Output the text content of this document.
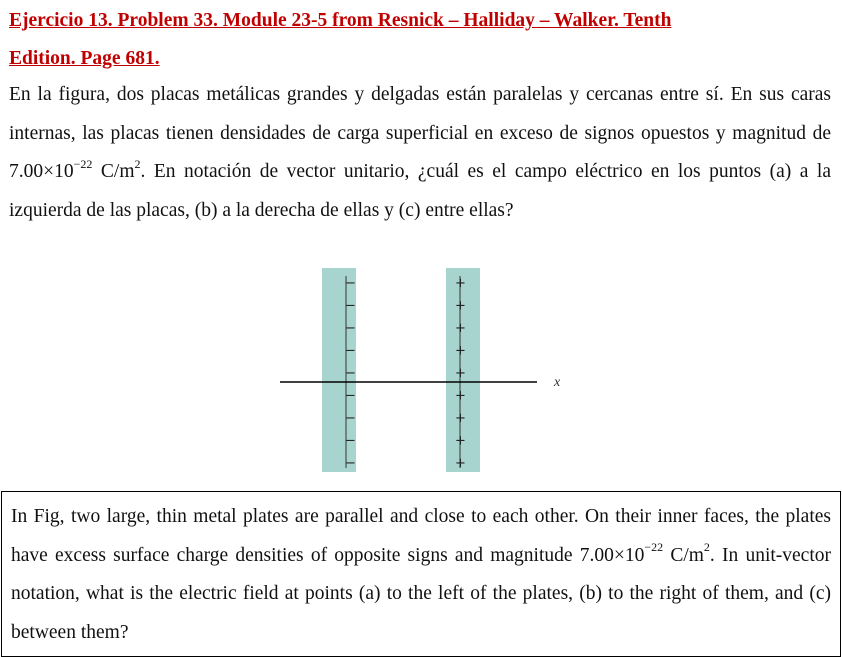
Ejercicio 13. Problem 33. Module 23-5 from Resnick – Halliday – Walker. Tenth
Edition. Page 681.
En la figura, dos placas metálicas grandes y delgadas están paralelas y cercanas entre sí. En sus caras internas, las placas tienen densidades de carga superficial en exceso de signos opuestos y magnitud de $7.00\times 10^{-22}$ $C/m^2$. En notación de vector unitario, ¿cuál es el campo eléctrico en los puntos (a) a la izquierda de las placas, (b) a la derecha de ellas y (c) entre ellas?
−
−
−
−
−
−
−
−
−
+
+
+
+
+
+
+
+
+
x
In Fig, two large, thin metal plates are parallel and close to each other. On their inner faces, the plates have excess surface charge densities of opposite signs and magnitude $7.00\times 10^{-22}$ $C/m^2$. In unit-vector notation, what is the electric field at points (a) to the left of the plates, (b) to the right of them, and (c) between them?
